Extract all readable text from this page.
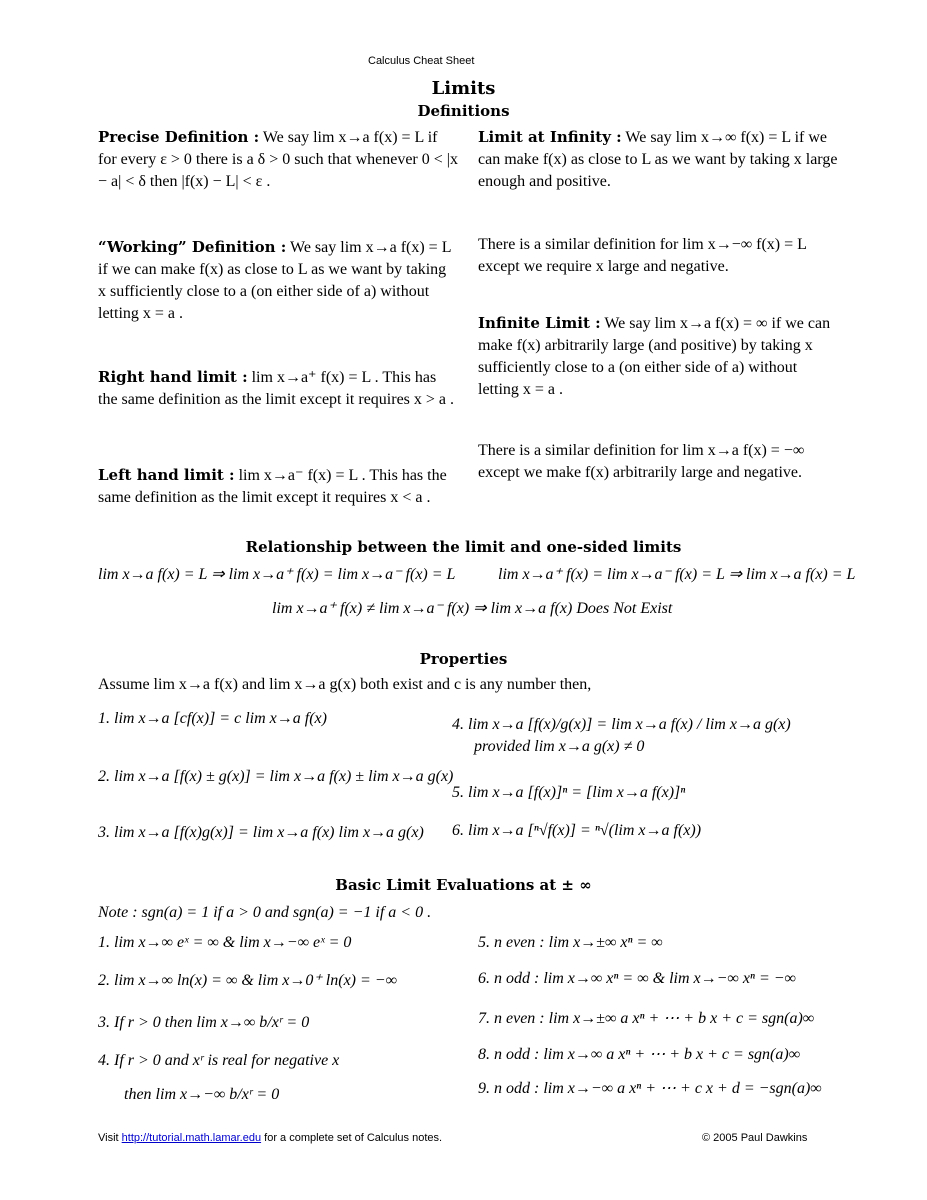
Calculus Cheat Sheet
Limits
Definitions
Precise Definition : We say lim x→a f(x) = L if for every ε > 0 there is a δ > 0 such that whenever 0 < |x − a| < δ then |f(x) − L| < ε .
“Working” Definition : We say lim x→a f(x) = L if we can make f(x) as close to L as we want by taking x sufficiently close to a (on either side of a) without letting x = a .
Right hand limit : lim x→a⁺ f(x) = L . This has the same definition as the limit except it requires x > a .
Left hand limit : lim x→a⁻ f(x) = L . This has the same definition as the limit except it requires x < a .
Limit at Infinity : We say lim x→∞ f(x) = L if we can make f(x) as close to L as we want by taking x large enough and positive.
There is a similar definition for lim x→−∞ f(x) = L except we require x large and negative.
Infinite Limit : We say lim x→a f(x) = ∞ if we can make f(x) arbitrarily large (and positive) by taking x sufficiently close to a (on either side of a) without letting x = a .
There is a similar definition for lim x→a f(x) = −∞ except we make f(x) arbitrarily large and negative.
Relationship between the limit and one-sided limits
lim x→a f(x) = L ⇒ lim x→a⁺ f(x) = lim x→a⁻ f(x) = L	lim x→a⁺ f(x) = lim x→a⁻ f(x) = L ⇒ lim x→a f(x) = L
lim x→a⁺ f(x) ≠ lim x→a⁻ f(x) ⇒ lim x→a f(x) Does Not Exist
Properties
Assume lim x→a f(x) and lim x→a g(x) both exist and c is any number then,
1. lim x→a [cf(x)] = c lim x→a f(x)
2. lim x→a [f(x) ± g(x)] = lim x→a f(x) ± lim x→a g(x)
3. lim x→a [f(x)g(x)] = lim x→a f(x) lim x→a g(x)
4. lim x→a [f(x)/g(x)] = lim x→a f(x) / lim x→a g(x)
provided lim x→a g(x) ≠ 0
5. lim x→a [f(x)]ⁿ = [lim x→a f(x)]ⁿ
6. lim x→a [ⁿ√f(x)] = ⁿ√(lim x→a f(x))
Basic Limit Evaluations at ± ∞
Note : sgn(a) = 1 if a > 0 and sgn(a) = −1 if a < 0 .
1. lim x→∞ eˣ = ∞ & lim x→−∞ eˣ = 0
2. lim x→∞ ln(x) = ∞ & lim x→0⁺ ln(x) = −∞
3. If r > 0 then lim x→∞ b/xʳ = 0
4. If r > 0 and xʳ is real for negative x
then lim x→−∞ b/xʳ = 0
5. n even : lim x→±∞ xⁿ = ∞
6. n odd : lim x→∞ xⁿ = ∞ & lim x→−∞ xⁿ = −∞
7. n even : lim x→±∞ a xⁿ + ⋯ + b x + c = sgn(a)∞
8. n odd : lim x→∞ a xⁿ + ⋯ + b x + c = sgn(a)∞
9. n odd : lim x→−∞ a xⁿ + ⋯ + c x + d = −sgn(a)∞
Visit http://tutorial.math.lamar.edu for a complete set of Calculus notes.	© 2005 Paul Dawkins
